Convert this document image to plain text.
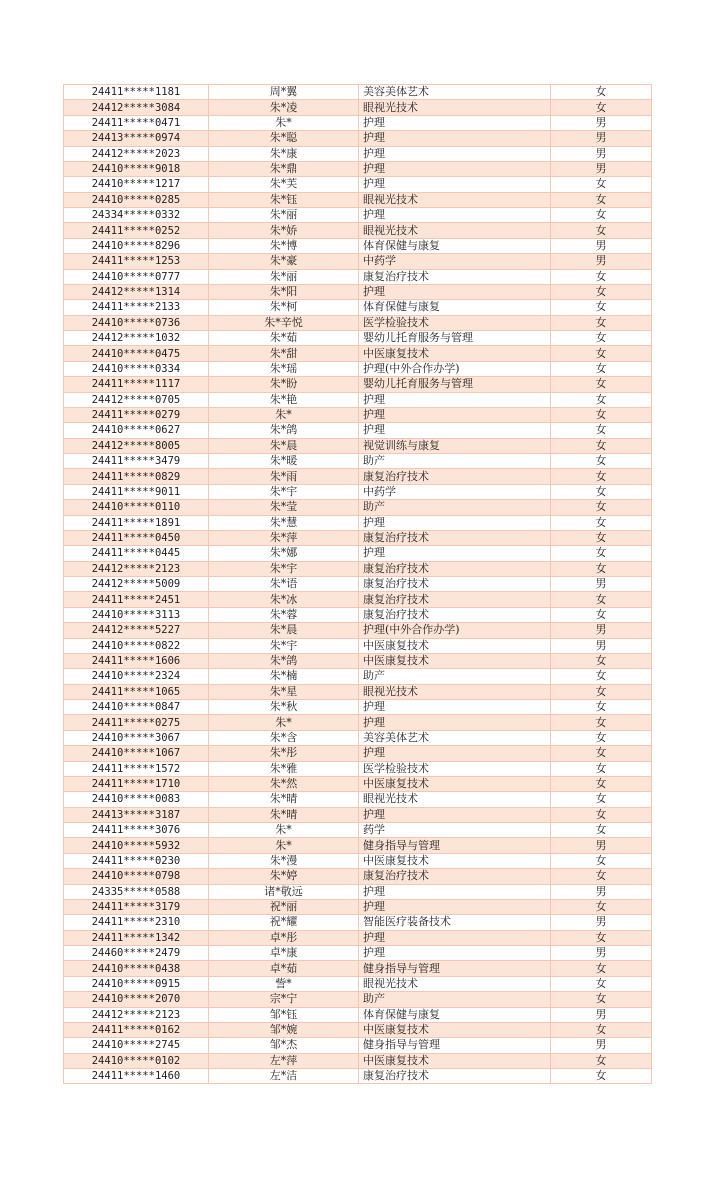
24411*****1181	周*翼	美容美体艺术	女
24412*****3084	朱*凌	眼视光技术	女
24411*****0471	朱*	护理	男
24413*****0974	朱*聪	护理	男
24412*****2023	朱*康	护理	男
24410*****9018	朱*鼎	护理	男
24410*****1217	朱*芙	护理	女
24410*****0285	朱*钰	眼视光技术	女
24334*****0332	朱*丽	护理	女
24411*****0252	朱*娇	眼视光技术	女
24410*****8296	朱*博	体育保健与康复	男
24411*****1253	朱*豪	中药学	男
24410*****0777	朱*丽	康复治疗技术	女
24412*****1314	朱*阳	护理	女
24411*****2133	朱*柯	体育保健与康复	女
24410*****0736	朱*辛悦	医学检验技术	女
24412*****1032	朱*茹	婴幼儿托育服务与管理	女
24410*****0475	朱*甜	中医康复技术	女
24410*****0334	朱*瑶	护理(中外合作办学)	女
24411*****1117	朱*盼	婴幼儿托育服务与管理	女
24412*****0705	朱*艳	护理	女
24411*****0279	朱*	护理	女
24410*****0627	朱*鸽	护理	女
24412*****8005	朱*晨	视觉训练与康复	女
24411*****3479	朱*暖	助产	女
24411*****0829	朱*雨	康复治疗技术	女
24411*****9011	朱*宇	中药学	女
24410*****0110	朱*莹	助产	女
24411*****1891	朱*慧	护理	女
24411*****0450	朱*萍	康复治疗技术	女
24411*****0445	朱*娜	护理	女
24412*****2123	朱*宇	康复治疗技术	女
24412*****5009	朱*语	康复治疗技术	男
24411*****2451	朱*冰	康复治疗技术	女
24410*****3113	朱*蓉	康复治疗技术	女
24412*****5227	朱*晨	护理(中外合作办学)	男
24410*****0822	朱*宇	中医康复技术	男
24411*****1606	朱*鸽	中医康复技术	女
24410*****2324	朱*楠	助产	女
24411*****1065	朱*星	眼视光技术	女
24410*****0847	朱*秋	护理	女
24411*****0275	朱*	护理	女
24410*****3067	朱*含	美容美体艺术	女
24410*****1067	朱*彤	护理	女
24411*****1572	朱*雅	医学检验技术	女
24411*****1710	朱*然	中医康复技术	女
24410*****0083	朱*晴	眼视光技术	女
24413*****3187	朱*晴	护理	女
24411*****3076	朱*	药学	女
24410*****5932	朱*	健身指导与管理	男
24411*****0230	朱*漫	中医康复技术	女
24410*****0798	朱*婷	康复治疗技术	女
24335*****0588	诸*敬远	护理	男
24411*****3179	祝*丽	护理	女
24411*****2310	祝*耀	智能医疗装备技术	男
24411*****1342	卓*彤	护理	女
24460*****2479	卓*康	护理	男
24410*****0438	卓*茹	健身指导与管理	女
24410*****0915	訾*	眼视光技术	女
24410*****2070	宗*宁	助产	女
24412*****2123	邹*钰	体育保健与康复	男
24411*****0162	邹*婉	中医康复技术	女
24410*****2745	邹*杰	健身指导与管理	男
24410*****0102	左*萍	中医康复技术	女
24411*****1460	左*洁	康复治疗技术	女
